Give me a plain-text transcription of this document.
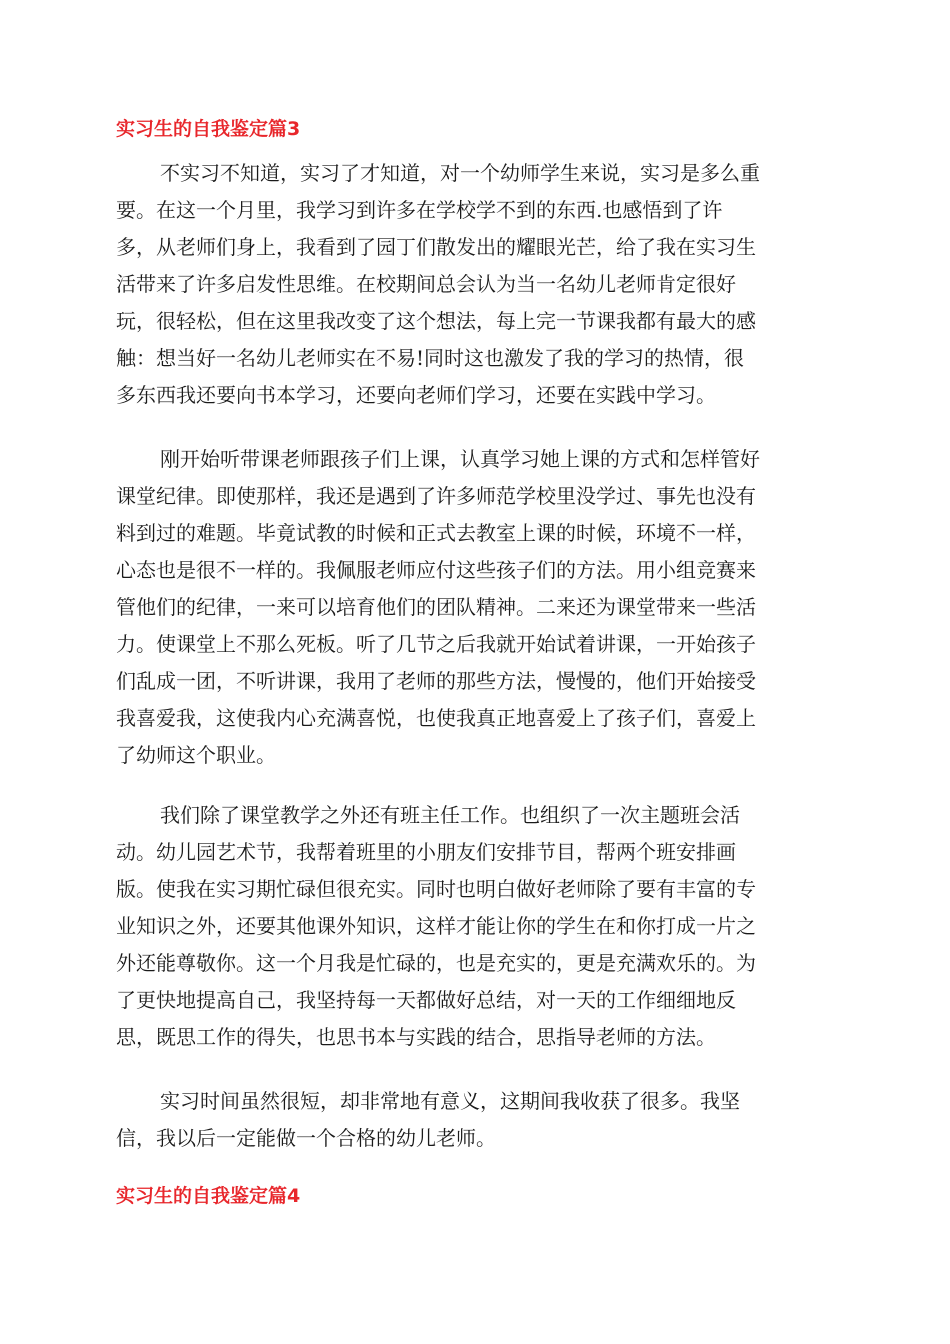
实习生的自我鉴定篇3
不实习不知道，实习了才知道，对一个幼师学生来说，实习是多么重
要。在这一个月里，我学习到许多在学校学不到的东西.也感悟到了许
多，从老师们身上，我看到了园丁们散发出的耀眼光芒，给了我在实习生
活带来了许多启发性思维。在校期间总会认为当一名幼儿老师肯定很好
玩，很轻松，但在这里我改变了这个想法，每上完一节课我都有最大的感
触：想当好一名幼儿老师实在不易!同时这也激发了我的学习的热情，很
多东西我还要向书本学习，还要向老师们学习，还要在实践中学习。
刚开始听带课老师跟孩子们上课，认真学习她上课的方式和怎样管好
课堂纪律。即使那样，我还是遇到了许多师范学校里没学过、事先也没有
料到过的难题。毕竟试教的时候和正式去教室上课的时候，环境不一样，
心态也是很不一样的。我佩服老师应付这些孩子们的方法。用小组竞赛来
管他们的纪律，一来可以培育他们的团队精神。二来还为课堂带来一些活
力。使课堂上不那么死板。听了几节之后我就开始试着讲课，一开始孩子
们乱成一团，不听讲课，我用了老师的那些方法，慢慢的，他们开始接受
我喜爱我，这使我内心充满喜悦，也使我真正地喜爱上了孩子们，喜爱上
了幼师这个职业。
我们除了课堂教学之外还有班主任工作。也组织了一次主题班会活
动。幼儿园艺术节，我帮着班里的小朋友们安排节目，帮两个班安排画
版。使我在实习期忙碌但很充实。同时也明白做好老师除了要有丰富的专
业知识之外，还要其他课外知识，这样才能让你的学生在和你打成一片之
外还能尊敬你。这一个月我是忙碌的，也是充实的，更是充满欢乐的。为
了更快地提高自己，我坚持每一天都做好总结，对一天的工作细细地反
思，既思工作的得失，也思书本与实践的结合，思指导老师的方法。
实习时间虽然很短，却非常地有意义，这期间我收获了很多。我坚
信，我以后一定能做一个合格的幼儿老师。
实习生的自我鉴定篇4
